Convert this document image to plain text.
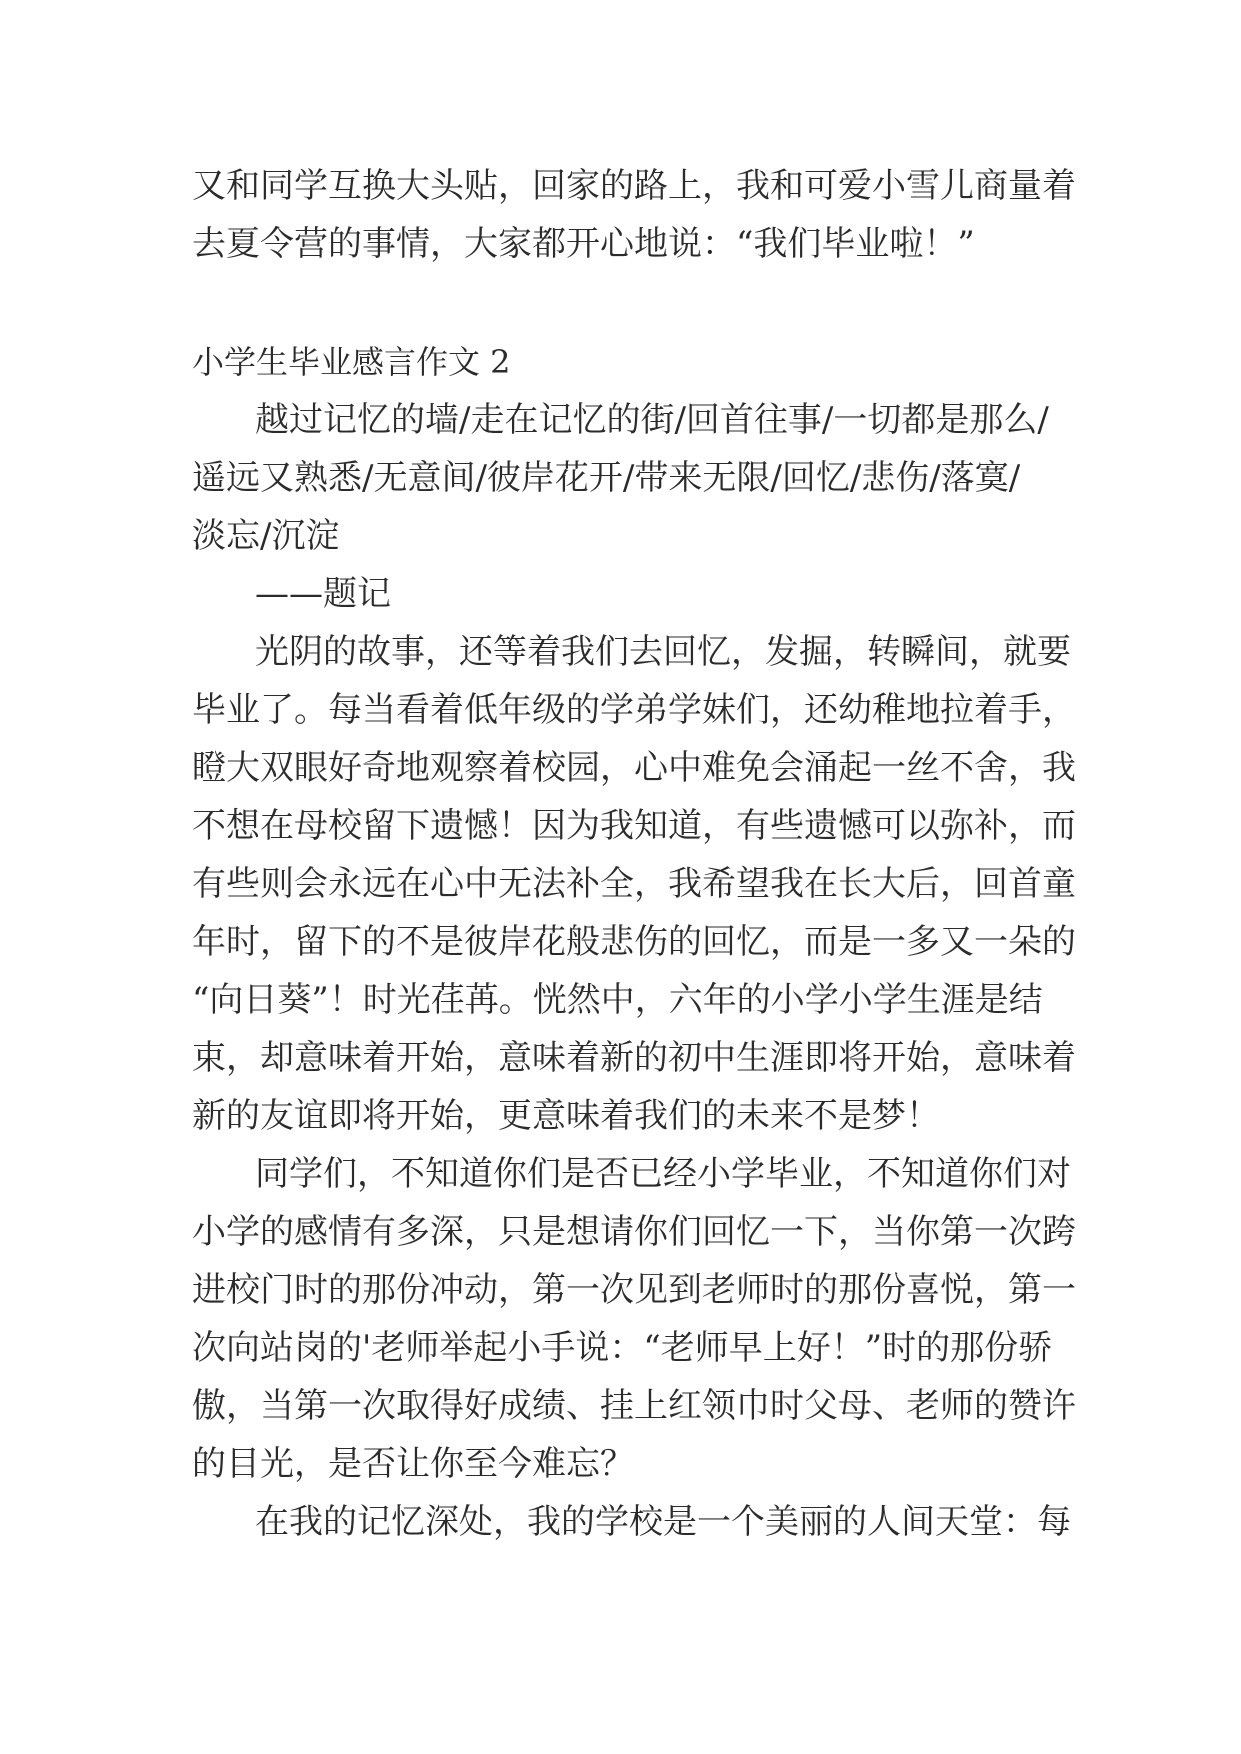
又和同学互换大头贴，回家的路上，我和可爱小雪儿商量着
去夏令营的事情，大家都开心地说：“我们毕业啦！”
小学生毕业感言作文 2
越过记忆的墙/走在记忆的街/回首往事/一切都是那么/
遥远又熟悉/无意间/彼岸花开/带来无限/回忆/悲伤/落寞/
淡忘/沉淀
——题记
光阴的故事，还等着我们去回忆，发掘，转瞬间，就要
毕业了。每当看着低年级的学弟学妹们，还幼稚地拉着手，
瞪大双眼好奇地观察着校园，心中难免会涌起一丝不舍，我
不想在母校留下遗憾！因为我知道，有些遗憾可以弥补，而
有些则会永远在心中无法补全，我希望我在长大后，回首童
年时，留下的不是彼岸花般悲伤的回忆，而是一多又一朵的
“向日葵”！时光荏苒。恍然中，六年的小学小学生涯是结
束，却意味着开始，意味着新的初中生涯即将开始，意味着
新的友谊即将开始，更意味着我们的未来不是梦！
同学们，不知道你们是否已经小学毕业，不知道你们对
小学的感情有多深，只是想请你们回忆一下，当你第一次跨
进校门时的那份冲动，第一次见到老师时的那份喜悦，第一
次向站岗的'老师举起小手说：“老师早上好！”时的那份骄
傲，当第一次取得好成绩、挂上红领巾时父母、老师的赞许
的目光，是否让你至今难忘？
在我的记忆深处，我的学校是一个美丽的人间天堂：每
